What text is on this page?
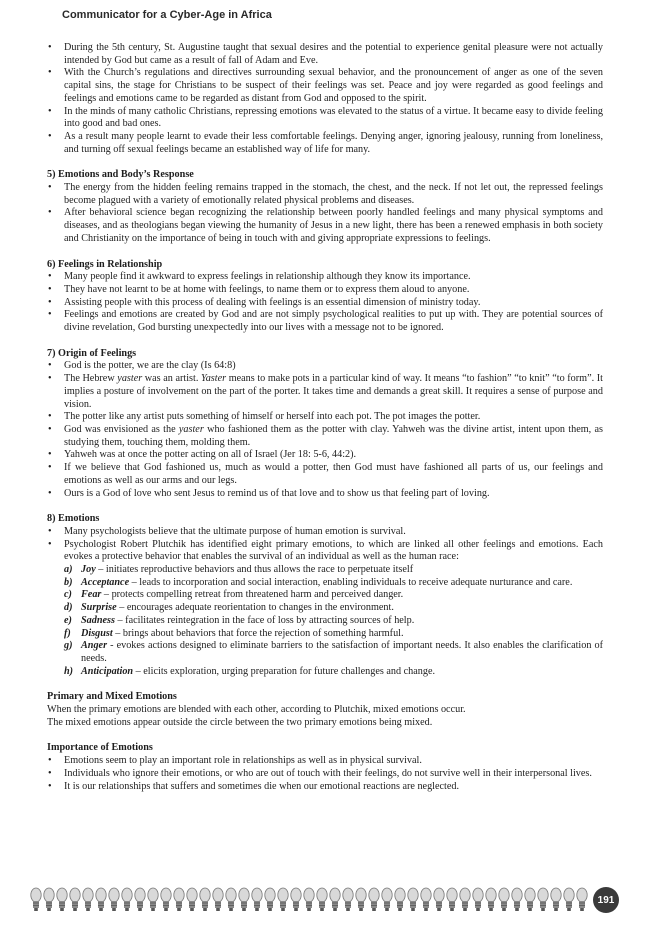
Communicator for a Cyber-Age in Africa
• During the 5th century, St. Augustine taught that sexual desires and the potential to experience genital pleasure were not actually intended by God but came as a result of fall of Adam and Eve.
• With the Church’s regulations and directives surrounding sexual behavior, and the pronouncement of anger as one of the seven capital sins, the stage for Christians to be suspect of their feelings was set. Peace and joy were regarded as good feelings and feelings and emotions came to be regarded as distant from God and opposed to the spirit.
• In the minds of many catholic Christians, repressing emotions was elevated to the status of a virtue. It became easy to divide feeling into good and bad ones.
• As a result many people learnt to evade their less comfortable feelings. Denying anger, ignoring jealousy, running from loneliness, and turning off sexual feelings became an established way of life for many.
5) Emotions and Body’s Response
• The energy from the hidden feeling remains trapped in the stomach, the chest, and the neck. If not let out, the repressed feelings become plagued with a variety of emotionally related physical problems and diseases.
• After behavioral science began recognizing the relationship between poorly handled feelings and many physical symptoms and diseases, and as theologians began viewing the humanity of Jesus in a new light, there has been a renewed emphasis in both society and Christianity on the importance of being in touch with and giving appropriate expressions to feelings.
6) Feelings in Relationship
• Many people find it awkward to express feelings in relationship although they know its importance.
• They have not learnt to be at home with feelings, to name them or to express them aloud to anyone.
• Assisting people with this process of dealing with feelings is an essential dimension of ministry today.
• Feelings and emotions are created by God and are not simply psychological realities to put up with. They are potential sources of divine revelation, God bursting unexpectedly into our lives with a message not to be ignored.
7) Origin of Feelings
• God is the potter, we are the clay (Is 64:8)
• The Hebrew yaster was an artist. Yaster means to make pots in a particular kind of way. It means “to fashion” “to knit” “to form”. It implies a posture of involvement on the part of the porter. It takes time and demands a great skill. It requires a sense of purpose and vision.
• The potter like any artist puts something of himself or herself into each pot. The pot images the potter.
• God was envisioned as the yaster who fashioned them as the potter with clay. Yahweh was the divine artist, intent upon them, as studying them, touching them, molding them.
• Yahweh was at once the potter acting on all of Israel (Jer 18: 5-6, 44:2).
• If we believe that God fashioned us, much as would a potter, then God must have fashioned all parts of us, our feelings and emotions as well as our arms and our legs.
• Ours is a God of love who sent Jesus to remind us of that love and to show us that feeling part of loving.
8) Emotions
• Many psychologists believe that the ultimate purpose of human emotion is survival.
• Psychologist Robert Plutchik has identified eight primary emotions, to which are linked all other feelings and emotions. Each evokes a protective behavior that enables the survival of an individual as well as the human race:
a) Joy – initiates reproductive behaviors and thus allows the race to perpetuate itself
b) Acceptance – leads to incorporation and social interaction, enabling individuals to receive adequate nurturance and care.
c) Fear – protects compelling retreat from threatened harm and perceived danger.
d) Surprise – encourages adequate reorientation to changes in the environment.
e) Sadness – facilitates reintegration in the face of loss by attracting sources of help.
f) Disgust – brings about behaviors that force the rejection of something harmful.
g) Anger - evokes actions designed to eliminate barriers to the satisfaction of important needs. It also enables the clarification of needs.
h) Anticipation – elicits exploration, urging preparation for future challenges and change.
Primary and Mixed Emotions
When the primary emotions are blended with each other, according to Plutchik, mixed emotions occur.
The mixed emotions appear outside the circle between the two primary emotions being mixed.
Importance of Emotions
• Emotions seem to play an important role in relationships as well as in physical survival.
• Individuals who ignore their emotions, or who are out of touch with their feelings, do not survive well in their interpersonal lives.
• It is our relationships that suffers and sometimes die when our emotional reactions are neglected.
191
